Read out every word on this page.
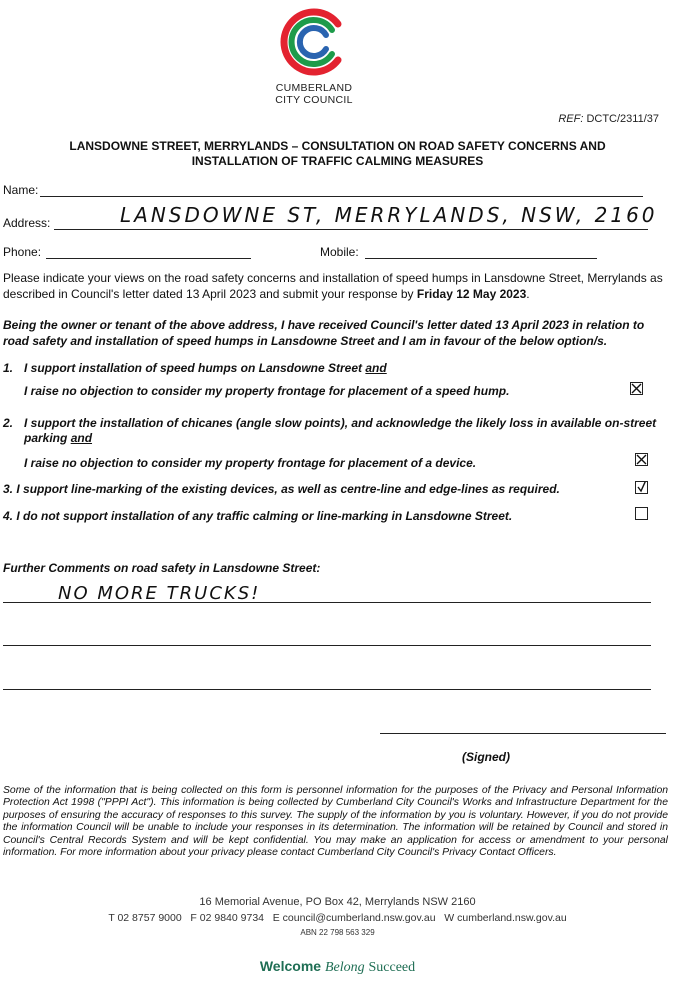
CUMBERLAND
CITY COUNCIL
REF: DCTC/2311/37
LANSDOWNE STREET, MERRYLANDS – CONSULTATION ON ROAD SAFETY CONCERNS AND
INSTALLATION OF TRAFFIC CALMING MEASURES
Name:
Address:	LANSDOWNE ST, MERRYLANDS, NSW, 2160
Phone:	Mobile:
Please indicate your views on the road safety concerns and installation of speed humps in Lansdowne Street, Merrylands as described in Council's letter dated 13 April 2023 and submit your response by Friday 12 May 2023.
Being the owner or tenant of the above address, I have received Council's letter dated 13 April 2023 in relation to road safety and installation of speed humps in Lansdowne Street and I am in favour of the below option/s.
1. I support installation of speed humps on Lansdowne Street and
I raise no objection to consider my property frontage for placement of a speed hump.
2. I support the installation of chicanes (angle slow points), and acknowledge the likely loss in available on-street parking and
I raise no objection to consider my property frontage for placement of a device.
3. I support line-marking of the existing devices, as well as centre-line and edge-lines as required.
4. I do not support installation of any traffic calming or line-marking in Lansdowne Street.
Further Comments on road safety in Lansdowne Street:
NO MORE TRUCKS!
(Signed)
Some of the information that is being collected on this form is personnel information for the purposes of the Privacy and Personal Information Protection Act 1998 ("PPPI Act"). This information is being collected by Cumberland City Council's Works and Infrastructure Department for the purposes of ensuring the accuracy of responses to this survey. The supply of the information by you is voluntary. However, if you do not provide the information Council will be unable to include your responses in its determination. The information will be retained by Council and stored in Council's Central Records System and will be kept confidential. You may make an application for access or amendment to your personal information. For more information about your privacy please contact Cumberland City Council's Privacy Contact Officers.
16 Memorial Avenue, PO Box 42, Merrylands NSW 2160
T 02 8757 9000   F 02 9840 9734   E council@cumberland.nsw.gov.au   W cumberland.nsw.gov.au
ABN 22 798 563 329
Welcome Belong Succeed
